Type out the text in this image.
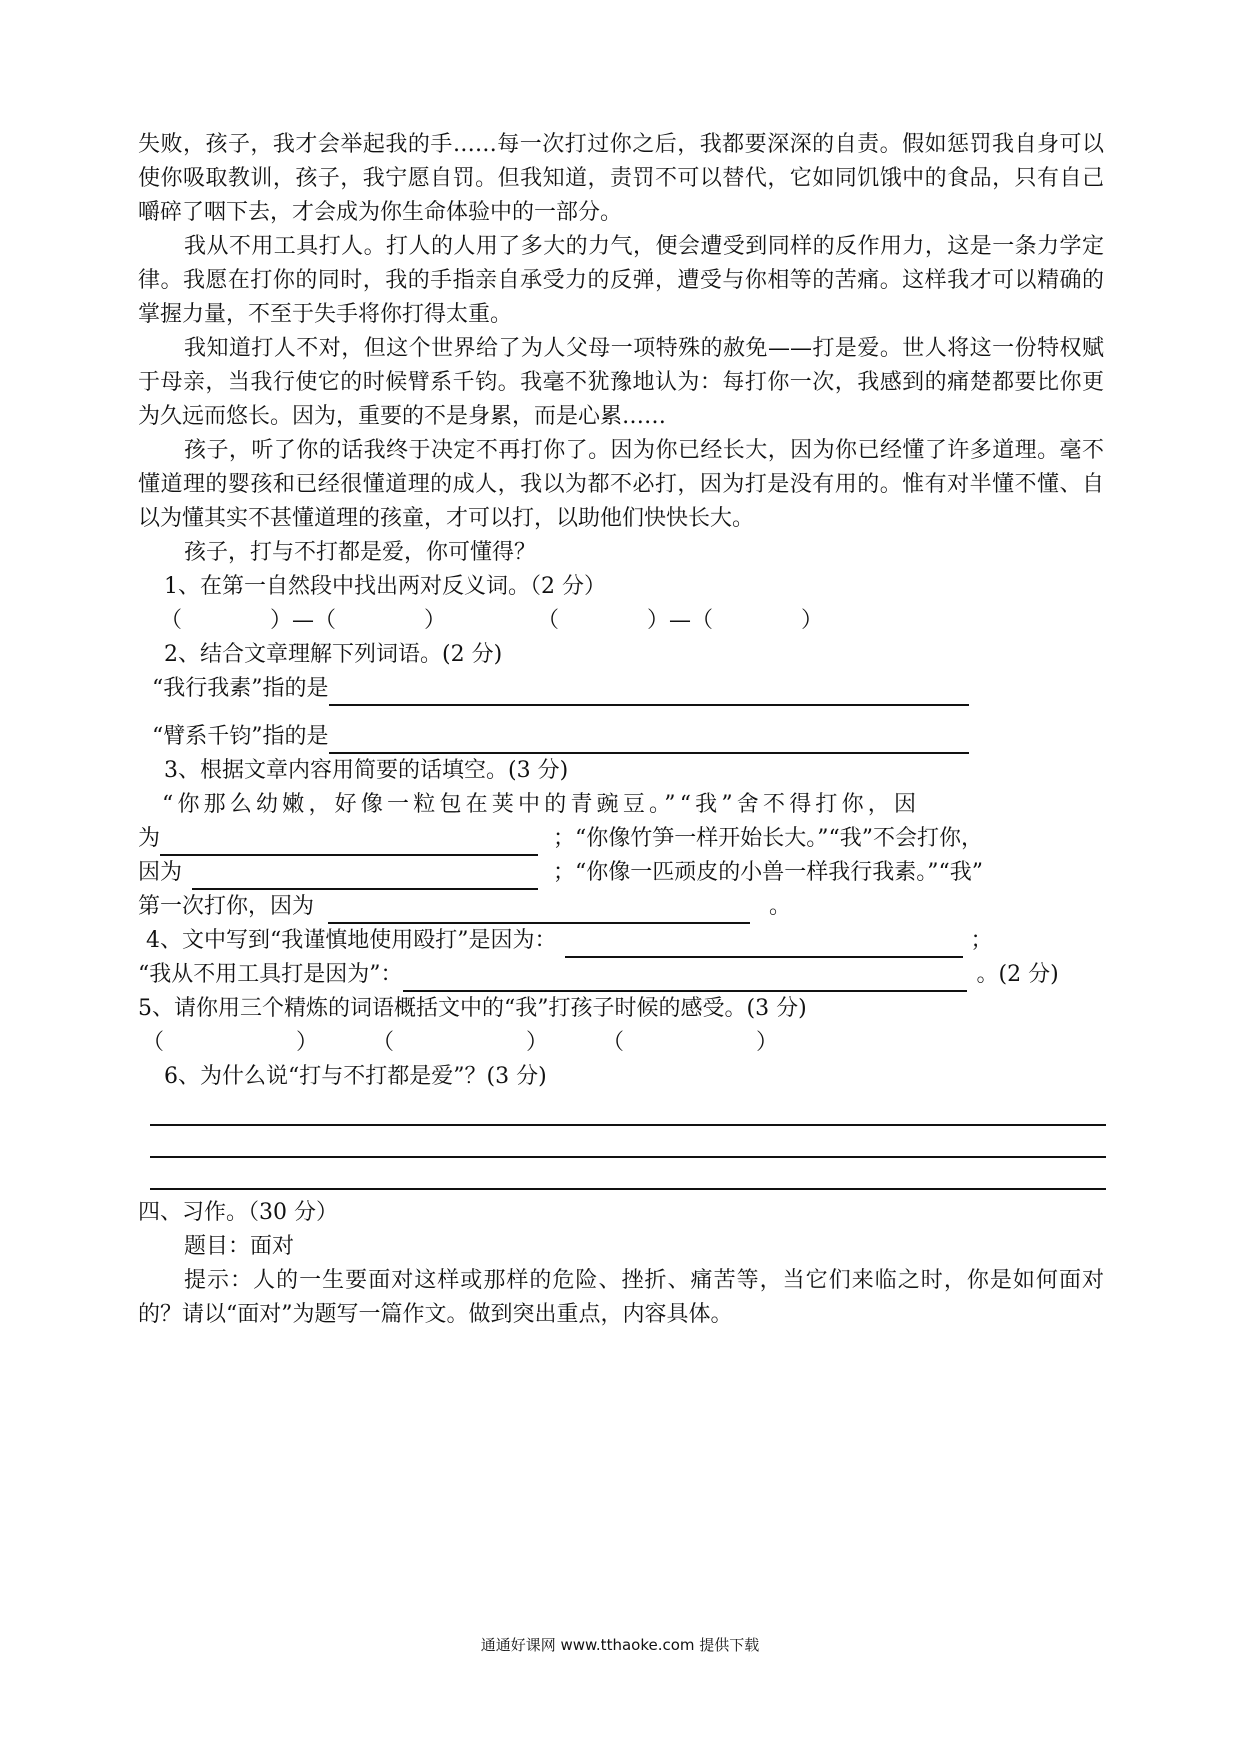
失败，孩子，我才会举起我的手……每一次打过你之后，我都要深深的自责。假如惩罚我自身可以使你吸取教训，孩子，我宁愿自罚。但我知道，责罚不可以替代，它如同饥饿中的食品，只有自己嚼碎了咽下去，才会成为你生命体验中的一部分。

我从不用工具打人。打人的人用了多大的力气，便会遭受到同样的反作用力，这是一条力学定律。我愿在打你的同时，我的手指亲自承受力的反弹，遭受与你相等的苦痛。这样我才可以精确的掌握力量，不至于失手将你打得太重。

我知道打人不对，但这个世界给了为人父母一项特殊的赦免——打是爱。世人将这一份特权赋于母亲，当我行使它的时候臂系千钧。我毫不犹豫地认为：每打你一次，我感到的痛楚都要比你更为久远而悠长。因为，重要的不是身累，而是心累……

孩子，听了你的话我终于决定不再打你了。因为你已经长大，因为你已经懂了许多道理。毫不懂道理的婴孩和已经很懂道理的成人，我以为都不必打，因为打是没有用的。惟有对半懂不懂、自以为懂其实不甚懂道理的孩童，才可以打，以助他们快快长大。

孩子，打与不打都是爱，你可懂得？

1、在第一自然段中找出两对反义词。（2 分）

（　　　　）—（　　　　）	（　　　　）—（　　　　）

2、结合文章理解下列词语。(2 分)

“我行我素”指的是
“臂系千钧”指的是

3、根据文章内容用简要的话填空。(3 分)

“你那么幼嫩，好像一粒包在荚中的青豌豆。”“我”舍不得打你，因

为	；“你像竹笋一样开始长大。”“我”不会打你，
因为	；“你像一匹顽皮的小兽一样我行我素。”“我”
第一次打你，因为	。
4、文中写到“我谨慎地使用殴打”是因为：	；
“我从不用工具打是因为”：	。(2 分)

5、请你用三个精炼的词语概括文中的“我”打孩子时候的感受。(3 分)

（　　　　　　） （　　　　　　） （　　　　　　）

6、为什么说“打与不打都是爱”？(3 分)

四、习作。（30 分）

题目：面对

提示：人的一生要面对这样或那样的危险、挫折、痛苦等，当它们来临之时，你是如何面对的？请以“面对”为题写一篇作文。做到突出重点，内容具体。

通通好课网 www.tthaoke.com 提供下载
